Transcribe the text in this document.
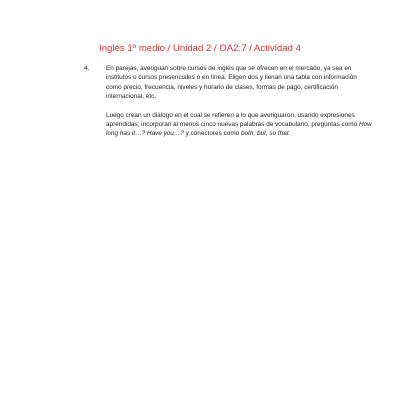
Inglés 1º medio / Unidad 2 / OA2;7 / Actividad 4
4.	En parejas, averiguan sobre cursos de inglés que se ofrecen en el mercado, ya sea en institutos o cursos presenciales o en línea. Eligen dos y llenan una tabla con información como precio, frecuencia, niveles y horario de clases, formas de pago, certificación internacional, etc.

Luego crean un diálogo en el cual se refieren a lo que averiguaron, usando expresiones aprendidas; incorporan al menos cinco nuevas palabras de vocabulario, preguntas como How long has it…? Have you…? y conectores como both, but, so that.
